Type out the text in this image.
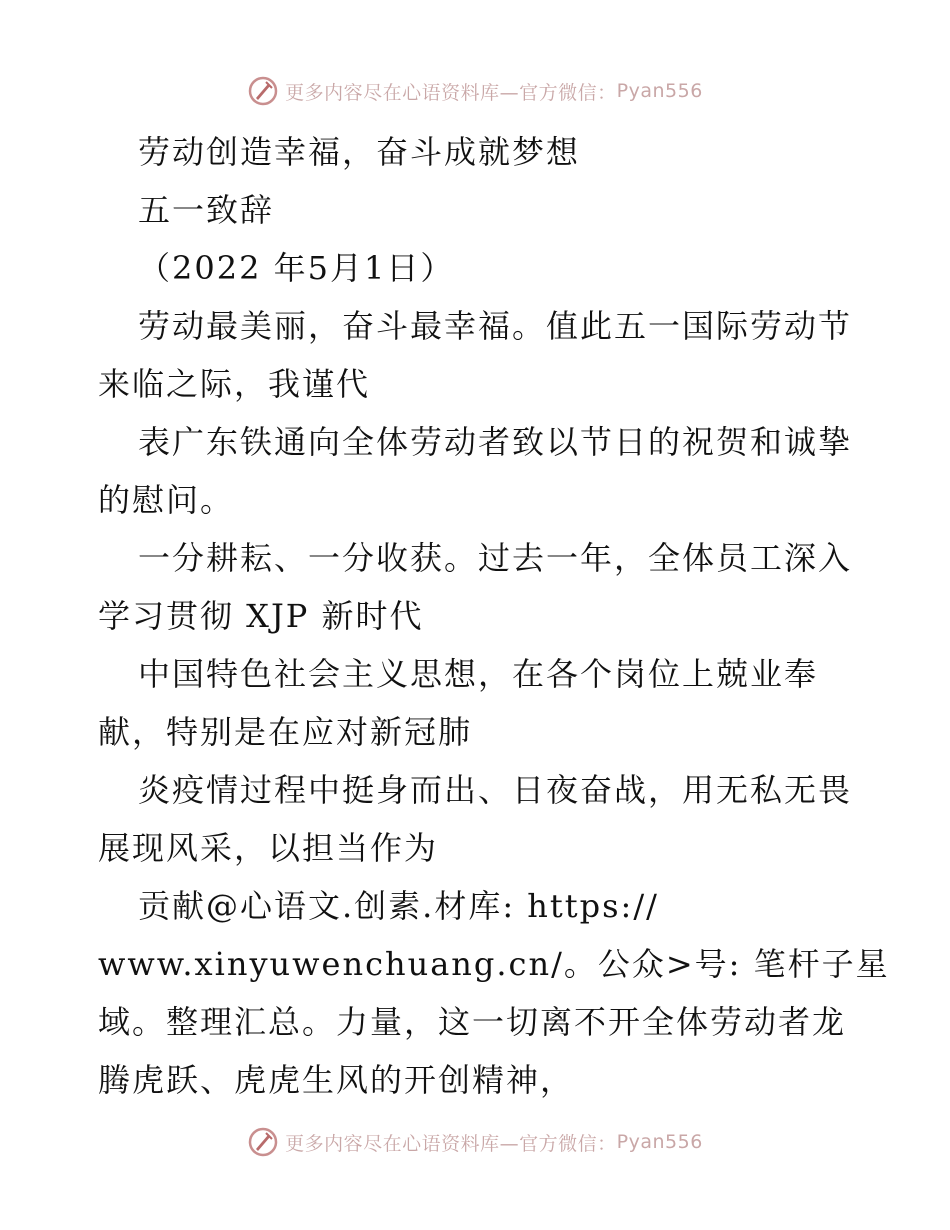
更多内容尽在心语资料库—官方微信： Pyan556
劳动创造幸福，奋斗成就梦想
五一致辞
（2022 年5月1日）
劳动最美丽，奋斗最幸福。值此五一国际劳动节
来临之际，我谨代
表广东铁通向全体劳动者致以节日的祝贺和诚挚
的慰问。
一分耕耘、一分收获。过去一年，全体员工深入
学习贯彻 XJP 新时代
中国特色社会主义思想，在各个岗位上兢业奉
献，特别是在应对新冠肺
炎疫情过程中挺身而出、日夜奋战，用无私无畏
展现风采，以担当作为
贡献@心语文.创素.材库: https://
www.xinyuwenchuang.cn/。公众>号: 笔杆子星
域。整理汇总。力量，这一切离不开全体劳动者龙
腾虎跃、虎虎生风的开创精神，
更多内容尽在心语资料库—官方微信： Pyan556
